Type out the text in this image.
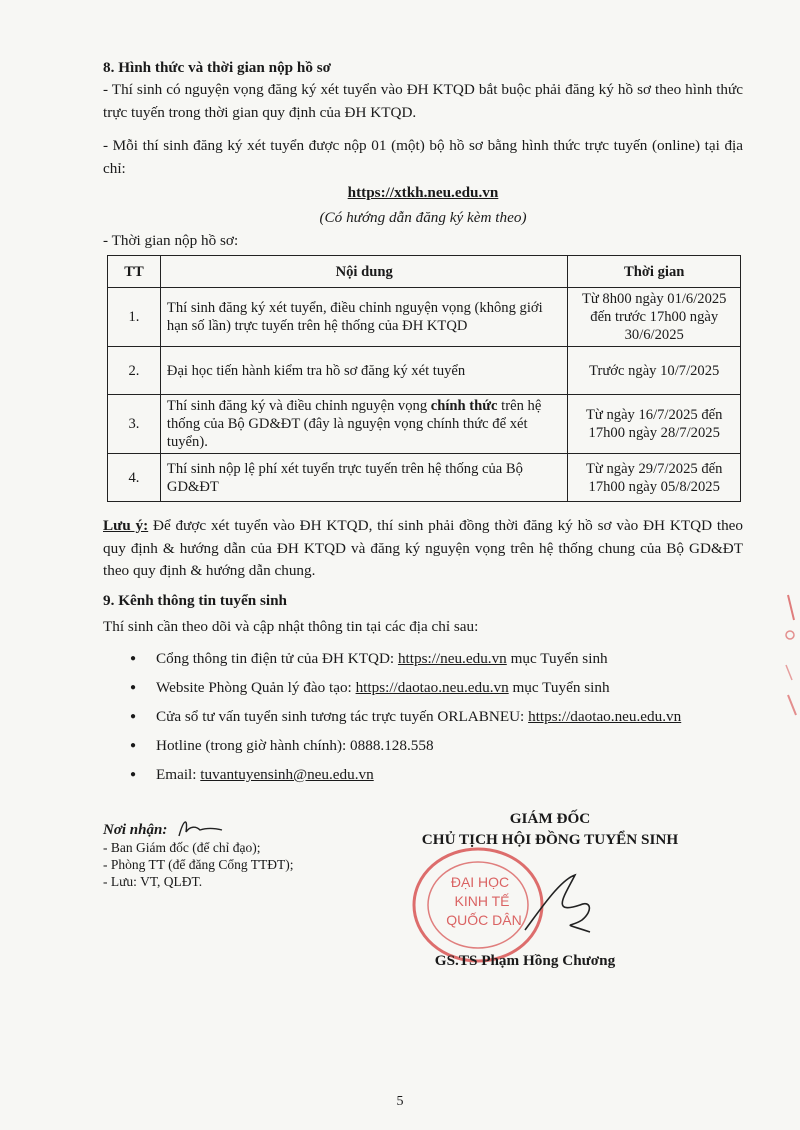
8. Hình thức và thời gian nộp hồ sơ
- Thí sinh có nguyện vọng đăng ký xét tuyển vào ĐH KTQD bắt buộc phải đăng ký hồ sơ theo hình thức trực tuyến trong thời gian quy định của ĐH KTQD.
- Mỗi thí sinh đăng ký xét tuyển được nộp 01 (một) bộ hồ sơ bằng hình thức trực tuyến (online) tại địa chỉ:
https://xtkh.neu.edu.vn
(Có hướng dẫn đăng ký kèm theo)
- Thời gian nộp hồ sơ:
TT	Nội dung	Thời gian
1.	Thí sinh đăng ký xét tuyển, điều chỉnh nguyện vọng (không giới hạn số lần) trực tuyến trên hệ thống của ĐH KTQD	Từ 8h00 ngày 01/6/2025 đến trước 17h00 ngày 30/6/2025
2.	Đại học tiến hành kiểm tra hồ sơ đăng ký xét tuyển	Trước ngày 10/7/2025
3.	Thí sinh đăng ký và điều chỉnh nguyện vọng chính thức trên hệ thống của Bộ GD&ĐT (đây là nguyện vọng chính thức để xét tuyển).	Từ ngày 16/7/2025 đến 17h00 ngày 28/7/2025
4.	Thí sinh nộp lệ phí xét tuyển trực tuyến trên hệ thống của Bộ GD&ĐT	Từ ngày 29/7/2025 đến 17h00 ngày 05/8/2025
Lưu ý: Để được xét tuyển vào ĐH KTQD, thí sinh phải đồng thời đăng ký hồ sơ vào ĐH KTQD theo quy định & hướng dẫn của ĐH KTQD và đăng ký nguyện vọng trên hệ thống chung của Bộ GD&ĐT theo quy định & hướng dẫn chung.
9. Kênh thông tin tuyển sinh
Thí sinh cần theo dõi và cập nhật thông tin tại các địa chỉ sau:
● Cổng thông tin điện tử của ĐH KTQD: https://neu.edu.vn mục Tuyển sinh
● Website Phòng Quản lý đào tạo: https://daotao.neu.edu.vn mục Tuyển sinh
● Cửa sổ tư vấn tuyển sinh tương tác trực tuyến ORLABNEU: https://daotao.neu.edu.vn
● Hotline (trong giờ hành chính): 0888.128.558
● Email: tuvantuyensinh@neu.edu.vn
Nơi nhận:
- Ban Giám đốc (để chỉ đạo);
- Phòng TT (để đăng Cổng TTĐT);
- Lưu: VT, QLĐT.
GIÁM ĐỐC
CHỦ TỊCH HỘI ĐỒNG TUYỂN SINH
ĐẠI HỌC
KINH TẾ
QUỐC DÂN
GS.TS Phạm Hồng Chương
5
